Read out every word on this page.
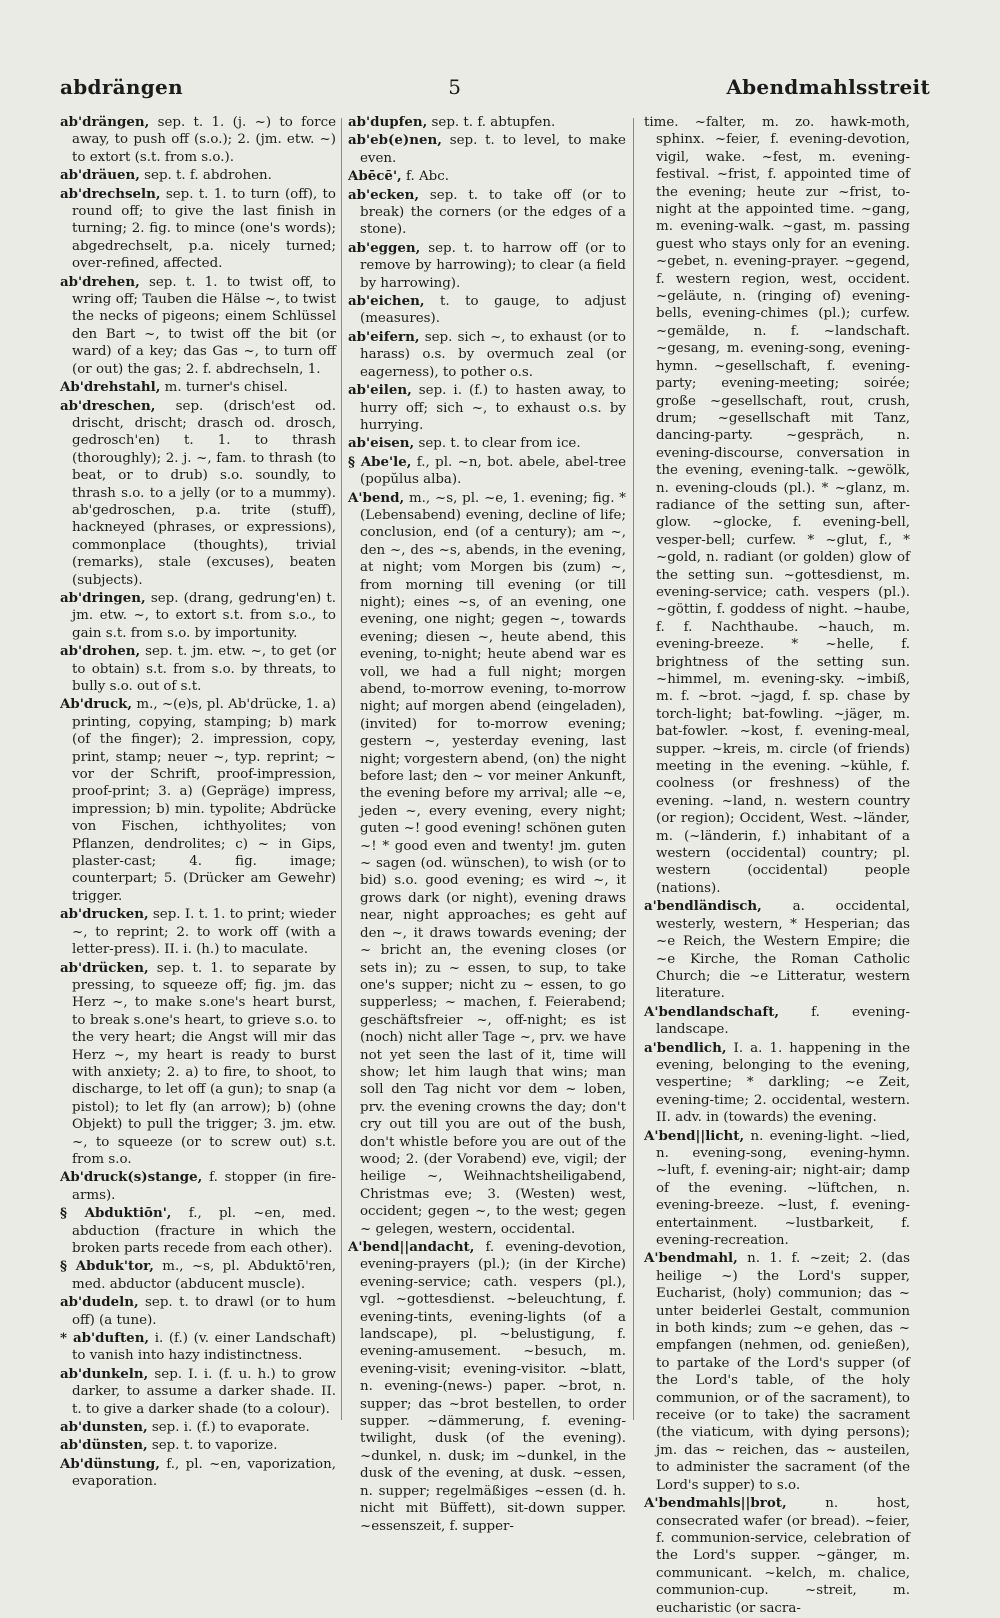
abdrängen	5	Abendmahlsstreit

ab'drängen, sep. t. 1. (j. ~) to force away, to push off (s.o.); 2. (jm. etw. ~) to extort (s.t. from s.o.).

ab'dräuen, sep. t. f. abdrohen.

ab'drechseln, sep. t. 1. to turn (off), to round off; to give the last finish in turning; 2. fig. to mince (one's words); abgedrechselt, p.a. nicely turned; over-refined, affected.

ab'drehen, sep. t. 1. to twist off, to wring off; Tauben die Hälse ~, to twist the necks of pigeons; einem Schlüssel den Bart ~, to twist off the bit (or ward) of a key; das Gas ~, to turn off (or out) the gas; 2. f. abdrechseln, 1.

Ab'drehstahl, m. turner's chisel.

ab'dreschen, sep. (drisch'est od. drischt, drischt; drasch od. drosch, gedrosch'en) t. 1. to thrash (thoroughly); 2. j. ~, fam. to thrash (to beat, or to drub) s.o. soundly, to thrash s.o. to a jelly (or to a mummy). ab'gedroschen, p.a. trite (stuff), hackneyed (phrases, or expressions), commonplace (thoughts), trivial (remarks), stale (excuses), beaten (subjects).

ab'dringen, sep. (drang, gedrung'en) t. jm. etw. ~, to extort s.t. from s.o., to gain s.t. from s.o. by importunity.

ab'drohen, sep. t. jm. etw. ~, to get (or to obtain) s.t. from s.o. by threats, to bully s.o. out of s.t.

Ab'druck, m., ~(e)s, pl. Ab'drücke, 1. a) printing, copying, stamping; b) mark (of the finger); 2. impression, copy, print, stamp; neuer ~, typ. reprint; ~ vor der Schrift, proof-impression, proof-print; 3. a) (Gepräge) impress, impression; b) min. typolite; Abdrücke von Fischen, ichthyolites; von Pflanzen, dendrolites; c) ~ in Gips, plaster-cast; 4. fig. image; counterpart; 5. (Drücker am Gewehr) trigger.

ab'drucken, sep. I. t. 1. to print; wieder ~, to reprint; 2. to work off (with a letter-press). II. i. (h.) to maculate.

ab'drücken, sep. t. 1. to separate by pressing, to squeeze off; fig. jm. das Herz ~, to make s.one's heart burst, to break s.one's heart, to grieve s.o. to the very heart; die Angst will mir das Herz ~, my heart is ready to burst with anxiety; 2. a) to fire, to shoot, to discharge, to let off (a gun); to snap (a pistol); to let fly (an arrow); b) (ohne Objekt) to pull the trigger; 3. jm. etw. ~, to squeeze (or to screw out) s.t. from s.o.

Ab'druck(s)stange, f. stopper (in fire-arms).

§ Abduktiōn', f., pl. ~en, med. abduction (fracture in which the broken parts recede from each other).

§ Abduk'tor, m., ~s, pl. Abduktō'ren, med. abductor (abducent muscle).

ab'dudeln, sep. t. to drawl (or to hum off) (a tune).

* ab'duften, i. (f.) (v. einer Landschaft) to vanish into hazy indistinctness.

ab'dunkeln, sep. I. i. (f. u. h.) to grow darker, to assume a darker shade. II. t. to give a darker shade (to a colour).

ab'dunsten, sep. i. (f.) to evaporate.

ab'dünsten, sep. t. to vaporize.

Ab'dünstung, f., pl. ~en, vaporization, evaporation.

ab'dupfen, sep. t. f. abtupfen.

ab'eb(e)nen, sep. t. to level, to make even.

Abēcē', f. Abc.

ab'ecken, sep. t. to take off (or to break) the corners (or the edges of a stone).

ab'eggen, sep. t. to harrow off (or to remove by harrowing); to clear (a field by harrowing).

ab'eichen, t. to gauge, to adjust (measures).

ab'eifern, sep. sich ~, to exhaust (or to harass) o.s. by overmuch zeal (or eagerness), to pother o.s.

ab'eilen, sep. i. (f.) to hasten away, to hurry off; sich ~, to exhaust o.s. by hurrying.

ab'eisen, sep. t. to clear from ice.

§ Abe'le, f., pl. ~n, bot. abele, abel-tree (popŭlus alba).

A'bend, m., ~s, pl. ~e, 1. evening; fig. * (Lebensabend) evening, decline of life; conclusion, end (of a century); am ~, den ~, des ~s, abends, in the evening, at night; vom Morgen bis (zum) ~, from morning till evening (or till night); eines ~s, of an evening, one evening, one night; gegen ~, towards evening; diesen ~, heute abend, this evening, to-night; heute abend war es voll, we had a full night; morgen abend, to-morrow evening, to-morrow night; auf morgen abend (eingeladen), (invited) for to-morrow evening; gestern ~, yesterday evening, last night; vorgestern abend, (on) the night before last; den ~ vor meiner Ankunft, the evening before my arrival; alle ~e, jeden ~, every evening, every night; guten ~! good evening! schönen guten ~! * good even and twenty! jm. guten ~ sagen (od. wünschen), to wish (or to bid) s.o. good evening; es wird ~, it grows dark (or night), evening draws near, night approaches; es geht auf den ~, it draws towards evening; der ~ bricht an, the evening closes (or sets in); zu ~ essen, to sup, to take one's supper; nicht zu ~ essen, to go supperless; ~ machen, f. Feierabend; geschäftsfreier ~, off-night; es ist (noch) nicht aller Tage ~, prv. we have not yet seen the last of it, time will show; let him laugh that wins; man soll den Tag nicht vor dem ~ loben, prv. the evening crowns the day; don't cry out till you are out of the bush, don't whistle before you are out of the wood; 2. (der Vorabend) eve, vigil; der heilige ~, Weihnachtsheiligabend, Christmas eve; 3. (Westen) west, occident; gegen ~, to the west; gegen ~ gelegen, western, occidental.

A'bend||andacht, f. evening-devotion, evening-prayers (pl.); (in der Kirche) evening-service; cath. vespers (pl.), vgl. ~gottesdienst. ~beleuchtung, f. evening-tints, evening-lights (of a landscape), pl. ~belustigung, f. evening-amusement. ~besuch, m. evening-visit; evening-visitor. ~blatt, n. evening-(news-) paper. ~brot, n. supper; das ~brot bestellen, to order supper. ~dämmerung, f. evening-twilight, dusk (of the evening). ~dunkel, n. dusk; im ~dunkel, in the dusk of the evening, at dusk. ~essen, n. supper; regelmäßiges ~essen (d. h. nicht mit Büffett), sit-down supper. ~essenszeit, f. supper-

time. ~falter, m. zo. hawk-moth, sphinx. ~feier, f. evening-devotion, vigil, wake. ~fest, m. evening-festival. ~frist, f. appointed time of the evening; heute zur ~frist, to-night at the appointed time. ~gang, m. evening-walk. ~gast, m. passing guest who stays only for an evening. ~gebet, n. evening-prayer. ~gegend, f. western region, west, occident. ~geläute, n. (ringing of) evening-bells, evening-chimes (pl.); curfew. ~gemälde, n. f. ~landschaft. ~gesang, m. evening-song, evening-hymn. ~gesellschaft, f. evening-party; evening-meeting; soirée; große ~gesellschaft, rout, crush, drum; ~gesellschaft mit Tanz, dancing-party. ~gespräch, n. evening-discourse, conversation in the evening, evening-talk. ~gewölk, n. evening-clouds (pl.). * ~glanz, m. radiance of the setting sun, after-glow. ~glocke, f. evening-bell, vesper-bell; curfew. * ~glut, f., * ~gold, n. radiant (or golden) glow of the setting sun. ~gottesdienst, m. evening-service; cath. vespers (pl.). ~göttin, f. goddess of night. ~haube, f. f. Nachthaube. ~hauch, m. evening-breeze. * ~helle, f. brightness of the setting sun. ~himmel, m. evening-sky. ~imbiß, m. f. ~brot. ~jagd, f. sp. chase by torch-light; bat-fowling. ~jäger, m. bat-fowler. ~kost, f. evening-meal, supper. ~kreis, m. circle (of friends) meeting in the evening. ~kühle, f. coolness (or freshness) of the evening. ~land, n. western country (or region); Occident, West. ~länder, m. (~länderin, f.) inhabitant of a western (occidental) country; pl. western (occidental) people (nations).

a'bendländisch, a. occidental, westerly, western, * Hesperian; das ~e Reich, the Western Empire; die ~e Kirche, the Roman Catholic Church; die ~e Litteratur, western literature.

A'bendlandschaft, f. evening-landscape.

a'bendlich, I. a. 1. happening in the evening, belonging to the evening, vespertine; * darkling; ~e Zeit, evening-time; 2. occidental, western. II. adv. in (towards) the evening.

A'bend||licht, n. evening-light. ~lied, n. evening-song, evening-hymn. ~luft, f. evening-air; night-air; damp of the evening. ~lüftchen, n. evening-breeze. ~lust, f. evening-entertainment. ~lustbarkeit, f. evening-recreation.

A'bendmahl, n. 1. f. ~zeit; 2. (das heilige ~) the Lord's supper, Eucharist, (holy) communion; das ~ unter beiderlei Gestalt, communion in both kinds; zum ~e gehen, das ~ empfangen (nehmen, od. genießen), to partake of the Lord's supper (of the Lord's table, of the holy communion, or of the sacrament), to receive (or to take) the sacrament (the viaticum, with dying persons); jm. das ~ reichen, das ~ austeilen, to administer the sacrament (of the Lord's supper) to s.o.

A'bendmahls||brot, n. host, consecrated wafer (or bread). ~feier, f. communion-service, celebration of the Lord's supper. ~gänger, m. communicant. ~kelch, m. chalice, communion-cup. ~streit, m. eucharistic (or sacra-
